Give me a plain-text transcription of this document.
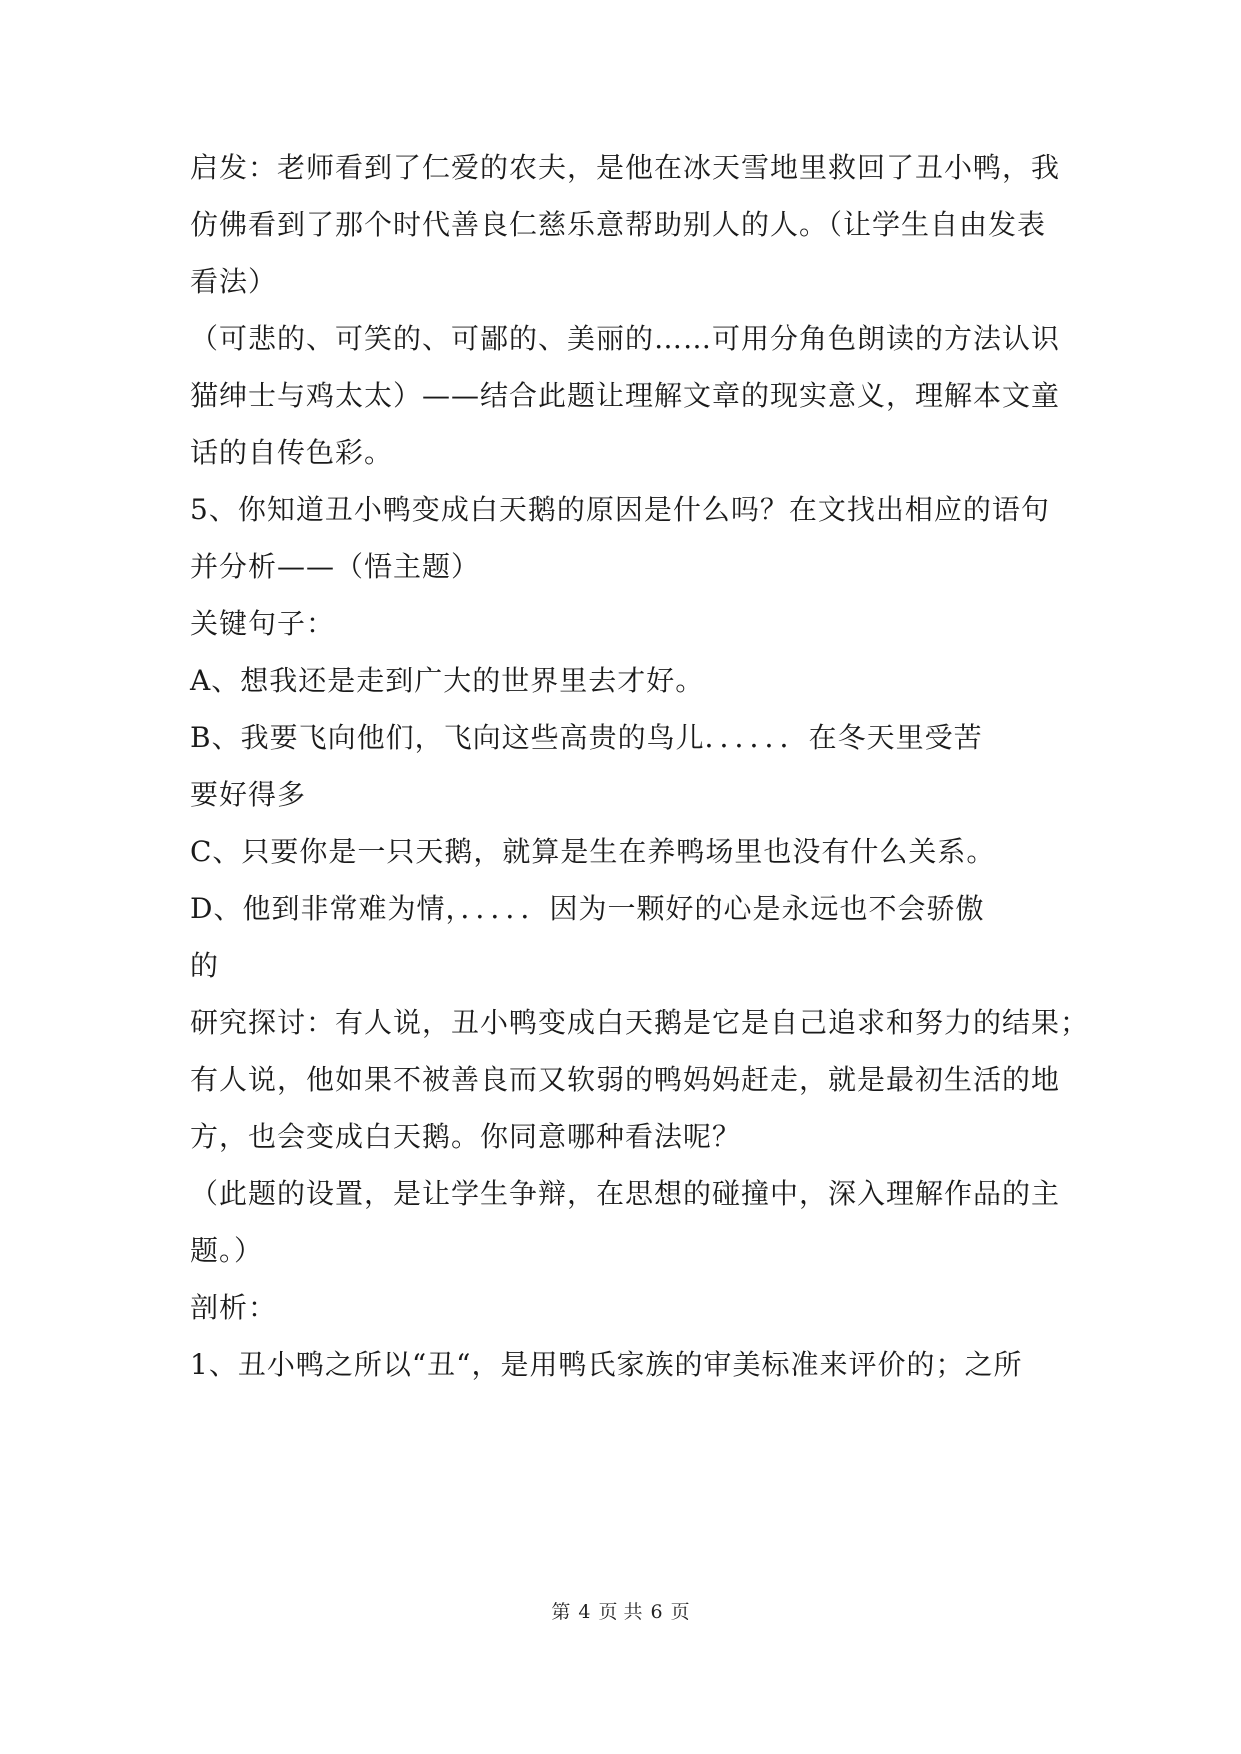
启发：老师看到了仁爱的农夫，是他在冰天雪地里救回了丑小鸭，我
仿佛看到了那个时代善良仁慈乐意帮助别人的人。（让学生自由发表
看法）
（可悲的、可笑的、可鄙的、美丽的……可用分角色朗读的方法认识
猫绅士与鸡太太）——结合此题让理解文章的现实意义，理解本文童
话的自传色彩。
5、你知道丑小鸭变成白天鹅的原因是什么吗？在文找出相应的语句
并分析——（悟主题）
关键句子：
A、想我还是走到广大的世界里去才好。
B、我要飞向他们，飞向这些高贵的鸟儿．．．．．．在冬天里受苦
要好得多
C、只要你是一只天鹅，就算是生在养鸭场里也没有什么关系。
D、他到非常难为情，．．．．．因为一颗好的心是永远也不会骄傲
的
研究探讨：有人说，丑小鸭变成白天鹅是它是自己追求和努力的结果；
有人说，他如果不被善良而又软弱的鸭妈妈赶走，就是最初生活的地
方，也会变成白天鹅。你同意哪种看法呢？
（此题的设置，是让学生争辩，在思想的碰撞中，深入理解作品的主
题。）
剖析：
1、丑小鸭之所以“丑“，是用鸭氏家族的审美标准来评价的；之所
第 4 页 共 6 页
